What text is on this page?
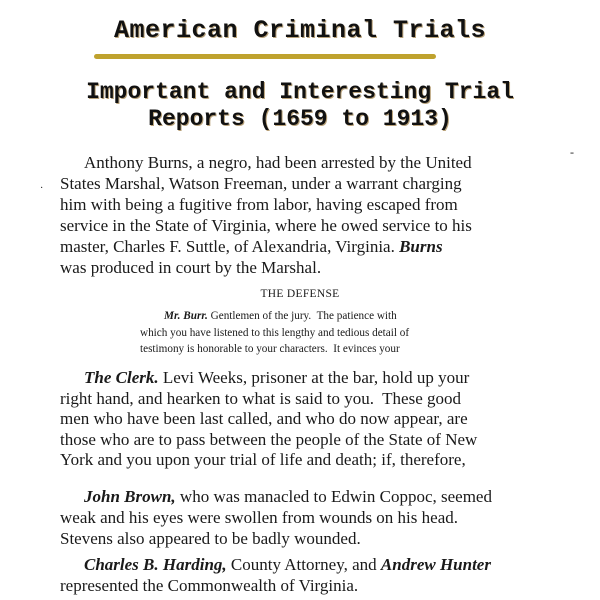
American Criminal Trials
Important and Interesting Trial
Reports (1659 to 1913)
·
-
Anthony Burns, a negro, had been arrested by the United
States Marshal, Watson Freeman, under a warrant charging
him with being a fugitive from labor, having escaped from
service in the State of Virginia, where he owed service to his
master, Charles F. Suttle, of Alexandria, Virginia. Burns
was produced in court by the Marshal.
THE DEFENSE
Mr. Burr. Gentlemen of the jury.  The patience with
which you have listened to this lengthy and tedious detail of
testimony is honorable to your characters.  It evinces your
The Clerk. Levi Weeks, prisoner at the bar, hold up your
right hand, and hearken to what is said to you.  These good
men who have been last called, and who do now appear, are
those who are to pass between the people of the State of New
York and you upon your trial of life and death; if, therefore,
John Brown, who was manacled to Edwin Coppoc, seemed
weak and his eyes were swollen from wounds on his head.
Stevens also appeared to be badly wounded.
Charles B. Harding, County Attorney, and Andrew Hunter
represented the Commonwealth of Virginia.
